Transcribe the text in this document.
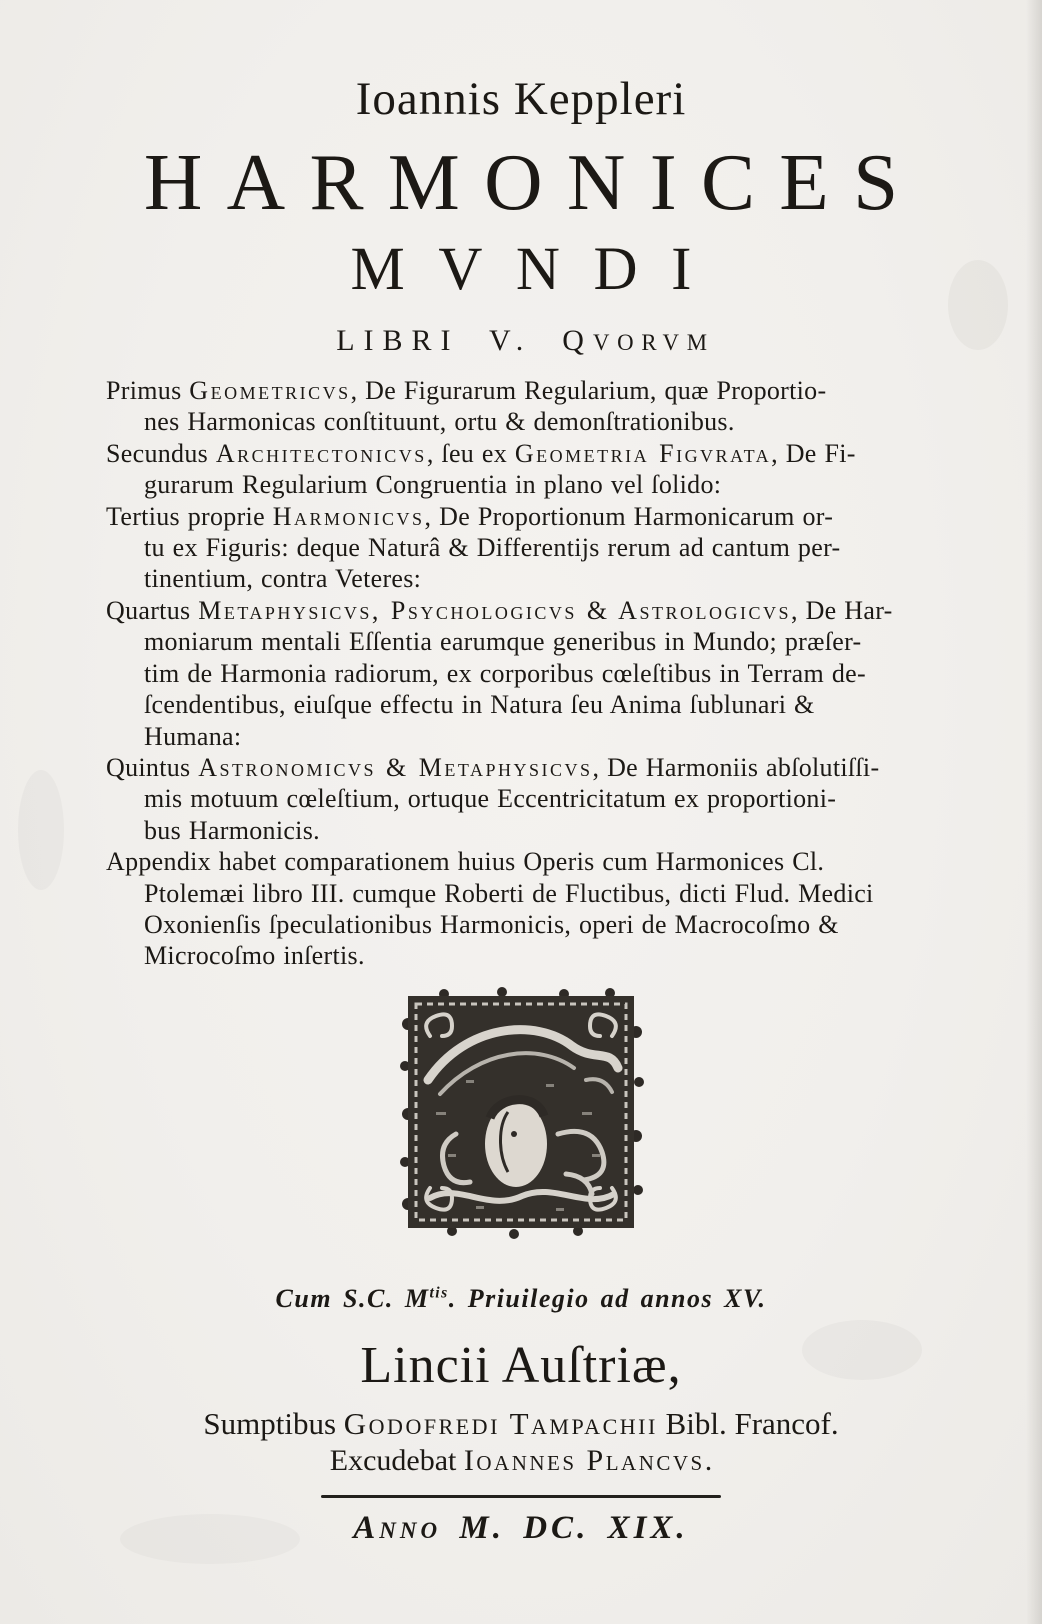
Ioannis Keppleri
HARMONICES
MVNDI
LIBRI V. QVORVM
Primus Geometricvs, De Figurarum Regularium, quæ Proportio-
nes Harmonicas conſtituunt, ortu & demonſtrationibus.
Secundus Architectonicvs, ſeu ex Geometria Figvrata, De Fi-
gurarum Regularium Congruentia in plano vel ſolido:
Tertius proprie Harmonicvs, De Proportionum Harmonicarum or-
tu ex Figuris: deque Naturâ & Differentijs rerum ad cantum per-
tinentium, contra Veteres:
Quartus Metaphysicvs, Psychologicvs & Astrologicvs, De Har-
moniarum mentali Eſſentia earumque generibus in Mundo; præſer-
tim de Harmonia radiorum, ex corporibus cœleſtibus in Terram de-
ſcendentibus, eiuſque effectu in Natura ſeu Anima ſublunari &
Humana:
Quintus Astronomicvs & Metaphysicvs, De Harmoniis abſolutiſſi-
mis motuum cœleſtium, ortuque Eccentricitatum ex proportioni-
bus Harmonicis.
Appendix habet comparationem huius Operis cum Harmonices Cl.
Ptolemæi libro III. cumque Roberti de Fluctibus, dicti Flud. Medici
Oxonienſis ſpeculationibus Harmonicis, operi de Macrocoſmo &
Microcoſmo inſertis.
Cum S.C. $M^{tis}$. Priuilegio ad annos XV.
Lincii Auſtriæ,
Sumptibus Godofredi Tampachii Bibl. Francof.
Excudebat Ioannes Plancvs.
Anno M. DC. XIX.
